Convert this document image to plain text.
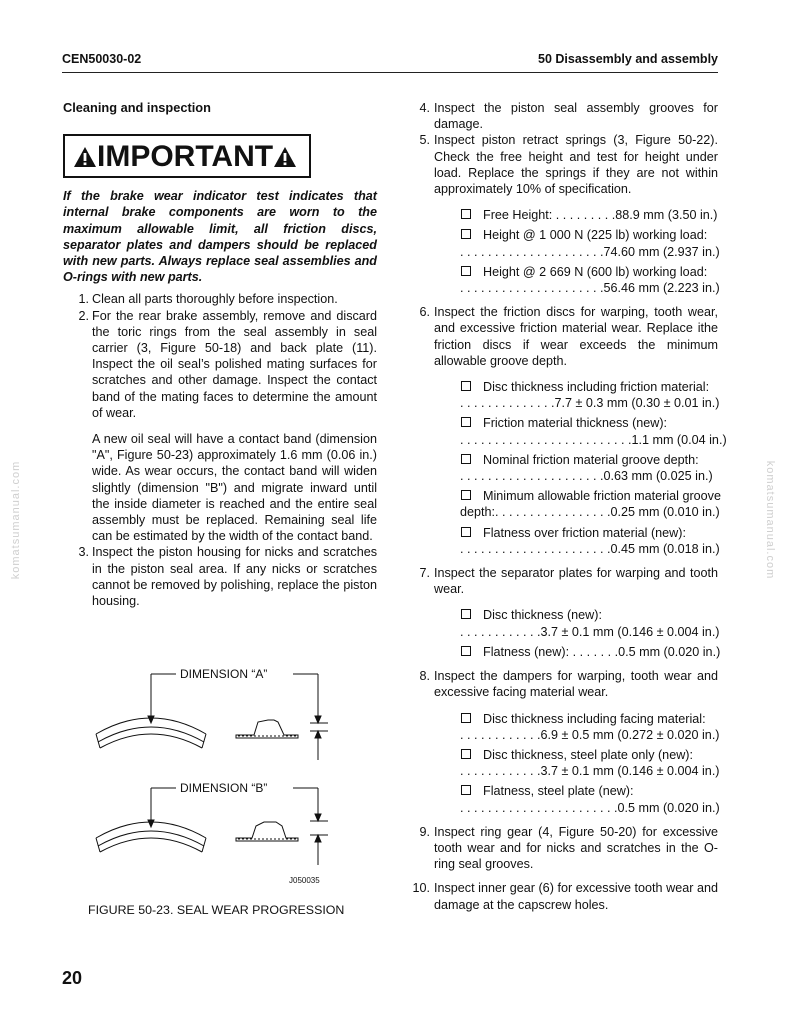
CEN50030-02	50 Disassembly and assembly
Cleaning and inspection
IMPORTANT
If the brake wear indicator test indicates that internal brake components are worn to the maximum allowable limit, all friction discs, separator plates and dampers should be replaced with new parts. Always replace seal assemblies and O-rings with new parts.
1. Clean all parts thoroughly before inspection.
2. For the rear brake assembly, remove and discard the toric rings from the seal assembly in seal carrier (3, Figure 50-18) and back plate (11). Inspect the oil seal’s polished mating surfaces for scratches and other damage. Inspect the contact band of the mating faces to determine the amount of wear.
A new oil seal will have a contact band (dimension "A", Figure 50-23) approximately 1.6 mm (0.06 in.) wide. As wear occurs, the contact band will widen slightly (dimension "B") and migrate inward until the inside diameter is reached and the entire seal assembly must be replaced. Remaining seal life can be estimated by the width of the contact band.
3. Inspect the piston housing for nicks and scratches in the piston seal area. If any nicks or scratches cannot be removed by polishing, replace the piston housing.
DIMENSION “A”
DIMENSION “B”
J050035
FIGURE 50-23. SEAL WEAR PROGRESSION
4. Inspect the piston seal assembly grooves for damage.
5. Inspect piston retract springs (3, Figure 50-22). Check the free height and test for height under load. Replace the springs if they are not within approximately 10% of specification.
Free Height: . . . . . . . . .88.9 mm (3.50 in.)
Height @ 1 000 N (225 lb) working load:
. . . . . . . . . . . . . . . . . . . . .74.60 mm (2.937 in.)
Height @ 2 669 N (600 lb) working load:
. . . . . . . . . . . . . . . . . . . . .56.46 mm (2.223 in.)
6. Inspect the friction discs for warping, tooth wear, and excessive friction material wear. Replace ithe friction discs if wear exceeds the minimum allowable groove depth.
Disc thickness including friction material:
. . . . . . . . . . . . . .7.7 ± 0.3 mm (0.30 ± 0.01 in.)
Friction material thickness (new):
. . . . . . . . . . . . . . . . . . . . . . . . .1.1 mm (0.04 in.)
Nominal friction material groove depth:
. . . . . . . . . . . . . . . . . . . . .0.63 mm (0.025 in.)
Minimum allowable friction material groove
depth:. . . . . . . . . . . . . . . . .0.25 mm (0.010 in.)
Flatness over friction material (new):
. . . . . . . . . . . . . . . . . . . . . .0.45 mm (0.018 in.)
7. Inspect the separator plates for warping and tooth wear.
Disc thickness (new):
. . . . . . . . . . . .3.7 ± 0.1 mm (0.146 ± 0.004 in.)
Flatness (new): . . . . . . .0.5 mm (0.020 in.)
8. Inspect the dampers for warping, tooth wear and excessive facing material wear.
Disc thickness including facing material:
. . . . . . . . . . . .6.9 ± 0.5 mm (0.272 ± 0.020 in.)
Disc thickness, steel plate only (new):
. . . . . . . . . . . .3.7 ± 0.1 mm (0.146 ± 0.004 in.)
Flatness, steel plate (new):
. . . . . . . . . . . . . . . . . . . . . . .0.5 mm (0.020 in.)
9. Inspect ring gear (4, Figure 50-20) for excessive tooth wear and for nicks and scratches in the O-ring seal grooves.
10. Inspect inner gear (6) for excessive tooth wear and damage at the capscrew holes.
20
komatsumanual.com	komatsumanual.com
